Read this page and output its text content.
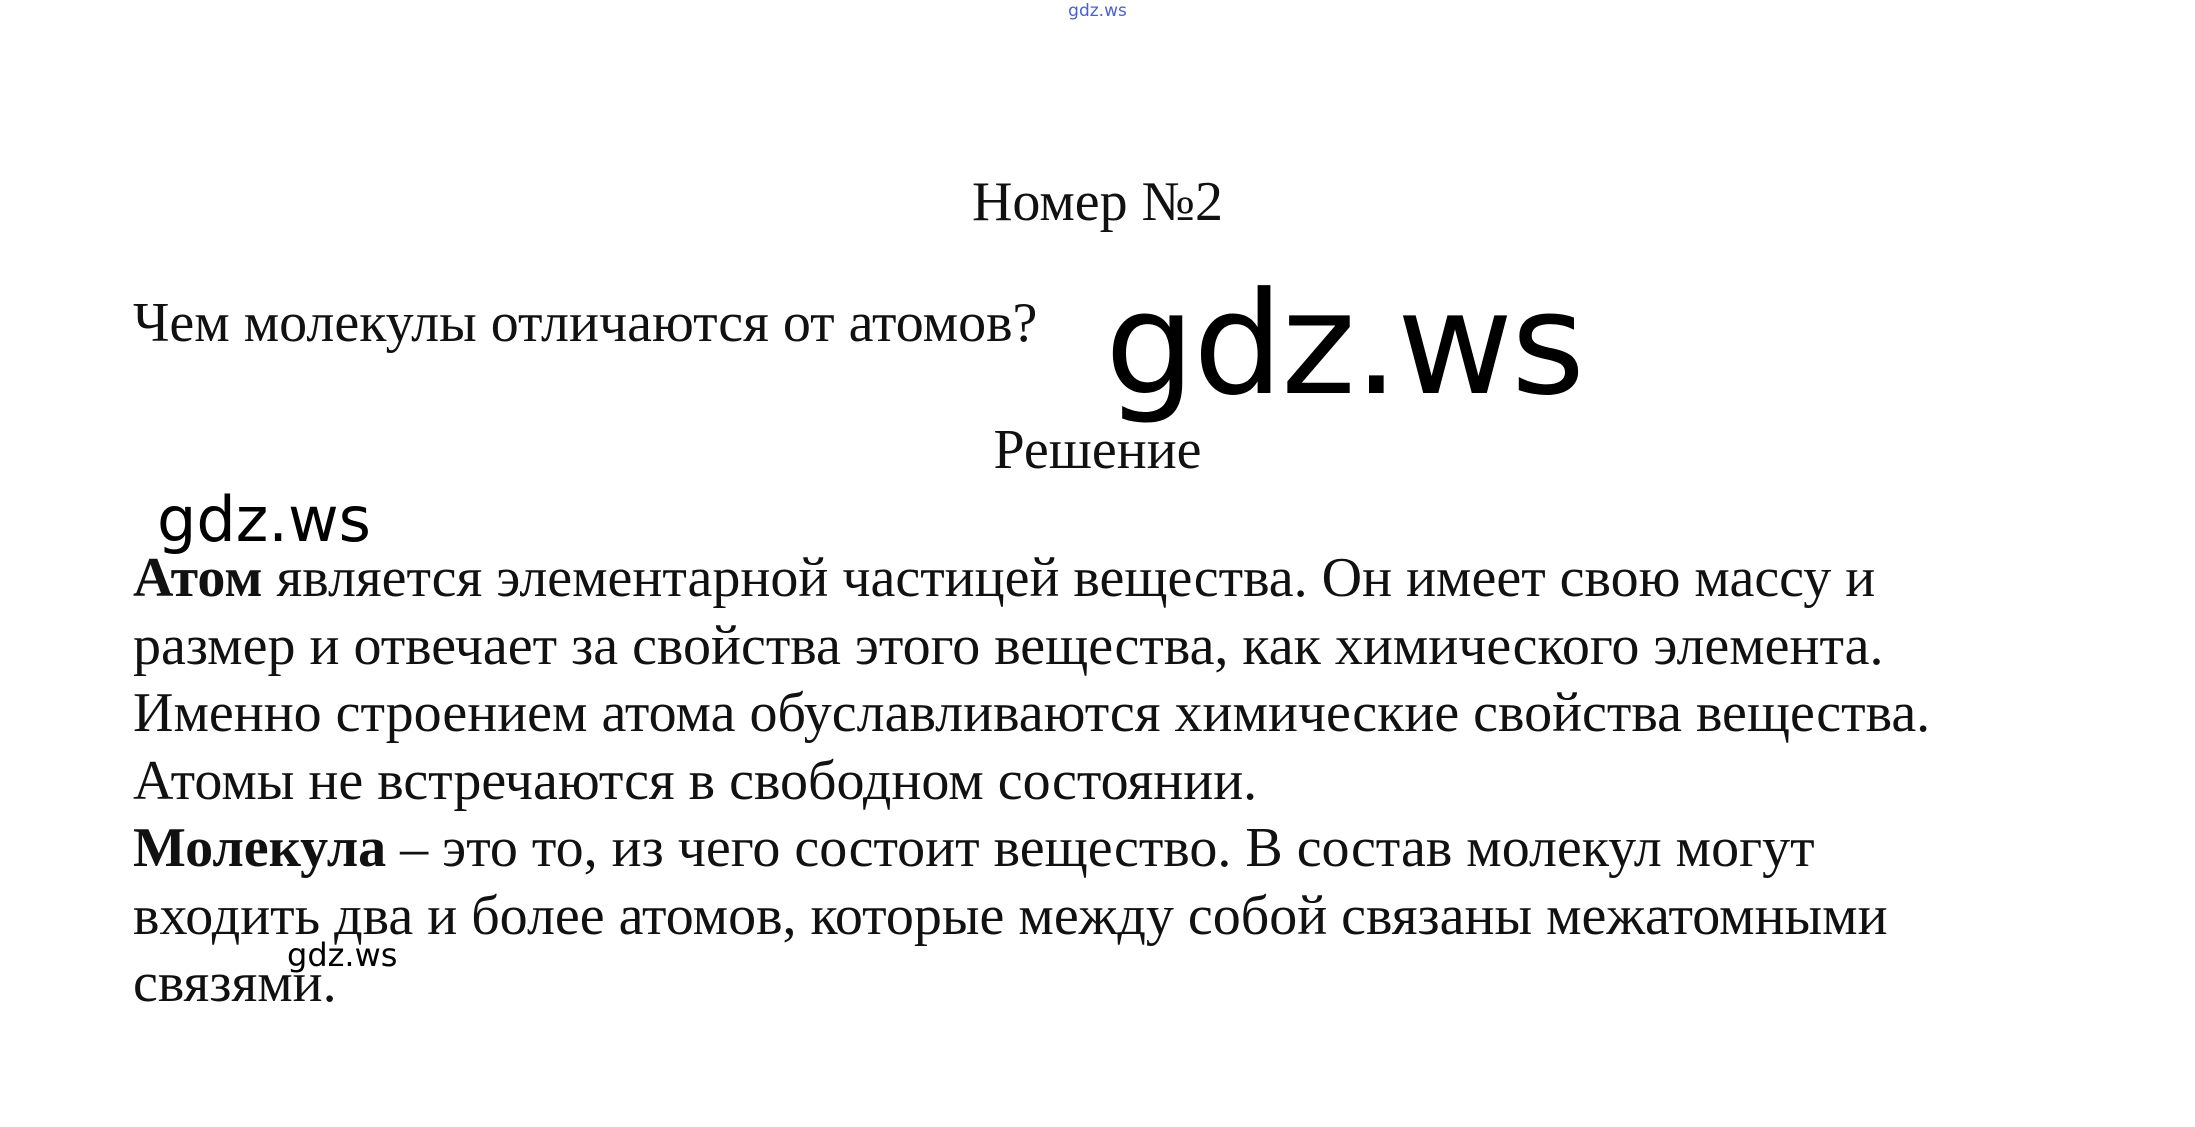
gdz.ws
Номер №2
Чем молекулы отличаются от атомов? gdz.ws
Решение
gdz.ws
Атом является элементарной частицей вещества. Он имеет свою массу и
размер и отвечает за свойства этого вещества, как химического элемента.
Именно строением атома обуславливаются химические свойства вещества.
Атомы не встречаются в свободном состоянии.
Молекула – это то, из чего состоит вещество. В состав молекул могут
входить два и более атомов, которые между собой связаны межатомными
связями.
gdz.ws
